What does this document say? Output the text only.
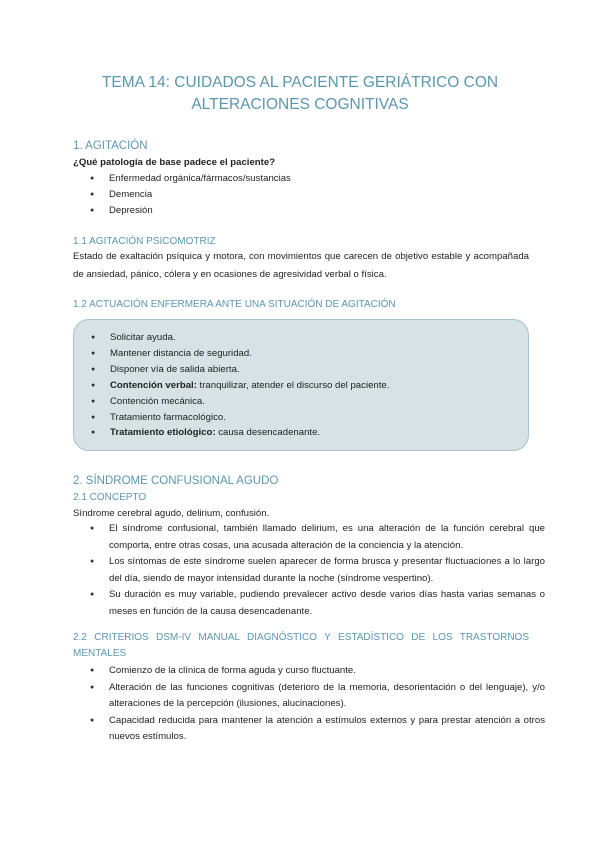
TEMA 14: CUIDADOS AL PACIENTE GERIÁTRICO CON
ALTERACIONES COGNITIVAS
1. AGITACIÓN

¿Qué patología de base padece el paciente?

● Enfermedad orgánica/fármacos/sustancias
● Demencia
● Depresión
1.1 AGITACIÓN PSICOMOTRIZ

Estado de exaltación psíquica y motora, con movimientos que carecen de objetivo estable y acompañada de ansiedad, pánico, cólera y en ocasiones de agresividad verbal o física.

1.2 ACTUACIÓN ENFERMERA ANTE UNA SITUACIÓN DE AGITACIÓN
● Solicitar ayuda.
● Mantener distancia de seguridad.
● Disponer vía de salida abierta.
● Contención verbal: tranquilizar, atender el discurso del paciente.
● Contención mecánica.
● Tratamiento farmacológico.
● Tratamiento etiológico: causa desencadenante.
2. SÍNDROME CONFUSIONAL AGUDO
2.1 CONCEPTO

Síndrome cerebral agudo, delirium, confusión.

● El síndrome confusional, también llamado delirium, es una alteración de la función cerebral que comporta, entre otras cosas, una acusada alteración de la conciencia y la atención.
● Los síntomas de este síndrome suelen aparecer de forma brusca y presentar fluctuaciones a lo largo del día, siendo de mayor intensidad durante la noche (síndrome vespertino).
● Su duración es muy variable, pudiendo prevalecer activo desde varios días hasta varias semanas o meses en función de la causa desencadenante.
2.2 CRITERIOS DSM-IV MANUAL DIAGNÓSTICO Y ESTADÍSTICO DE LOS TRASTORNOS MENTALES
● Comienzo de la clínica de forma aguda y curso fluctuante.
● Alteración de las funciones cognitivas (deterioro de la memoria, desorientación o del lenguaje), y/o alteraciones de la percepción (ilusiones, alucinaciones).
● Capacidad reducida para mantener la atención a estímulos externos y para prestar atención a otros nuevos estímulos.
